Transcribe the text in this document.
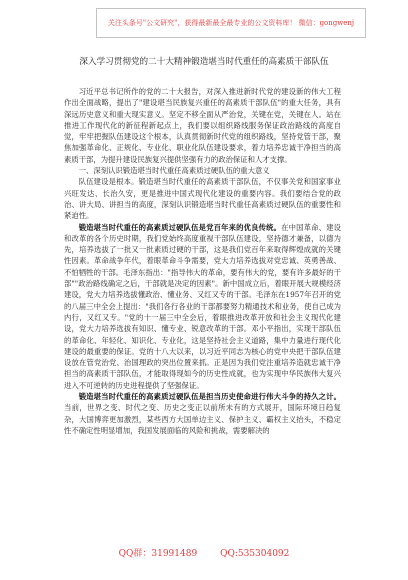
关注头条号"公文研究"，获得最新最全最专业的公文资料库！ 微信：gongwenj
深入学习贯彻党的二十大精神锻造堪当时代重任的高素质干部队伍

习近平总书记所作的党的二十大报告，对深入推进新时代党的建设新的伟大工程作出全面战略，提出了"建设堪当民族复兴重任的高素质干部队伍"的重大任务，具有深远历史意义和重大现实意义。坚定不移全面从严治党，关键在党，关键在人。站在推进工作现代化的新征程新起点上，我们要以组织路线服务保证政治路线的高度自觉，牢牢把握队伍建设这个根本，认真贯彻新时代党的组织路线，坚持党管干部，聚焦加强革命化、正规化、专业化、职业化队伍建设要求，着力培养忠诚干净担当的高素质干部，为提升建设民族复兴提供坚强有力的政治保证和人才支撑。

一、深刻认识锻造堪当时代重任高素质过硬队伍的重大意义

队伍建设是根本。锻造堪当时代重任的高素质干部队伍，不仅事关党和国家事业兴旺发达、长治久安，更是推进中国式现代化建设的重要内容。我们要结合党的政治、讲大局、讲担当的高度，深刻认识锻造堪当时代重任高素质过硬队伍的重要性和紧迫性。

锻造堪当时代重任的高素质过硬队伍是党百年来的优良传统。在中国革命、建设和改革的各个历史时期，我们党始终高度重视干部队伍建设，坚持德才兼备，以德为先，培养选拔了一批又一批素质过硬的干部，这是我们党百年来取得辉煌成就的关键性因素。革命战争年代，着眼革命斗争需要，党大力培养选拔对党忠诚、英勇善战、不怕牺牲的干部。毛泽东指出："指导伟大的革命，要有伟大的党，要有许多最好的干部""政治路线确定之后，干部就是决定的因素"。新中国成立后，着眼开展大规模经济建设，党大力培养选拔懂政治、懂业务、又红又专的干部。毛泽东在1957年召开的党的八届三中全会上提出："我们各行各业的干部都要努力精通技术和业务，使自己成为内行，又红又专。"党的十一届三中全会后，着眼推进改革开放和社会主义现代化建设，党大力培养选拔有知识、懂专业、锐意改革的干部。邓小平指出，实现干部队伍的革命化、年轻化、知识化、专业化，这是坚持社会主义道路，集中力量进行现代化建设的最重要的保证。党的十八大以来，以习近平同志为核心的党中央把干部队伍建设放在管党治党、治国理政的突出位置来抓。正是因为我们党注重培养造就忠诚干净担当的高素质干部队伍，才能取得现如今的历史性成就，也为实现中华民族伟大复兴进入不可逆转的历史进程提供了坚强保证。

锻造堪当时代重任的高素质过硬队伍是担当历史使命进行伟大斗争的持久之计。当前，世界之变、时代之变、历史之变正以前所未有的方式展开，国际环境日趋复杂，大国博弈更加激烈，某些西方大国单边主义、保护主义、霸权主义抬头，不稳定性不确定性明显增加，我国发展面临的风险和挑战，需要解决的

QQ群：31991489	QQ:535304092
